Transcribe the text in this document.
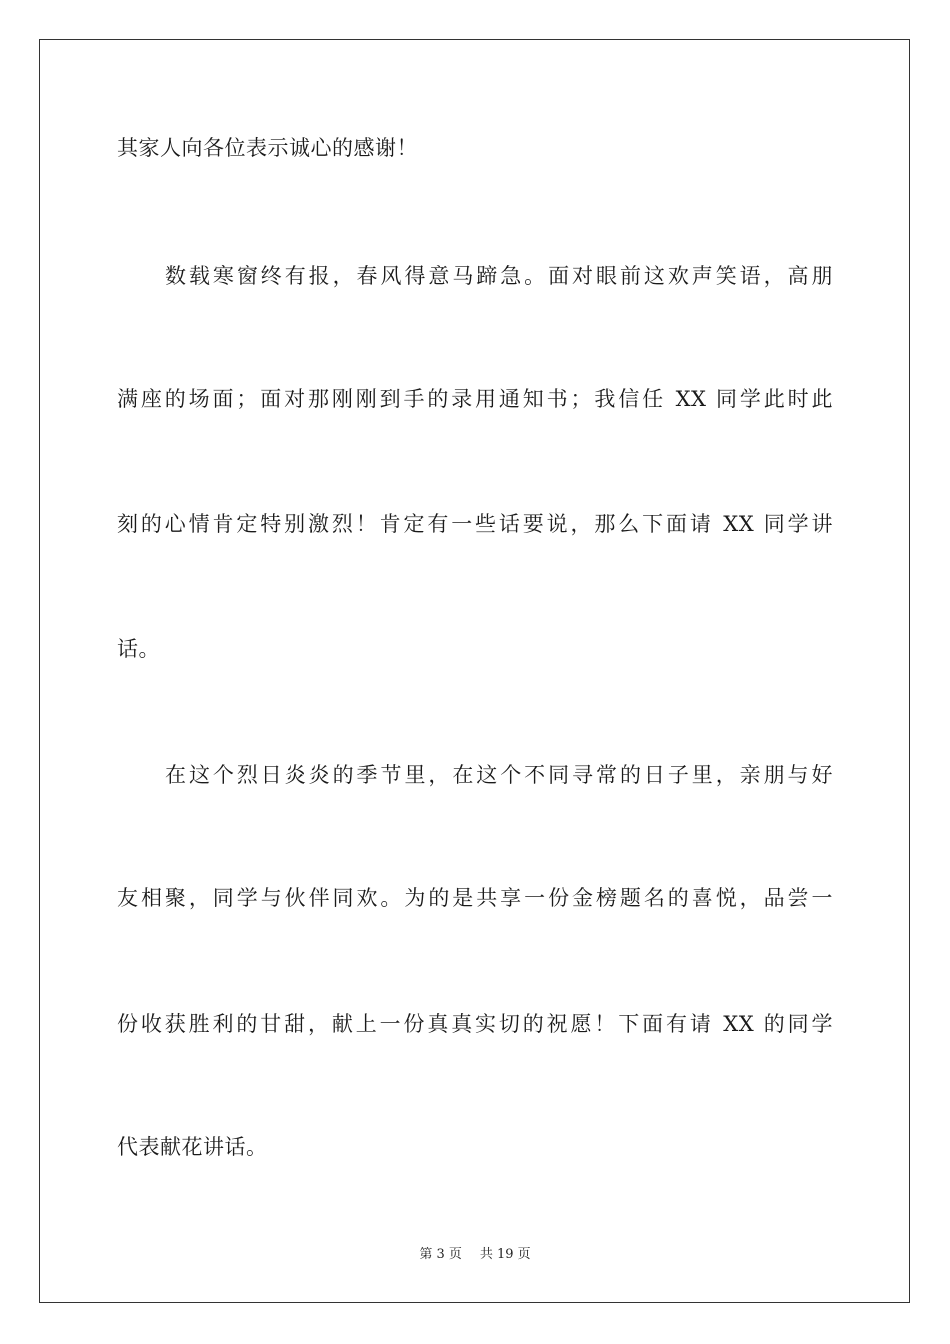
其家人向各位表示诚心的感谢！
数载寒窗终有报，春风得意马蹄急。面对眼前这欢声笑语，高朋
满座的场面；面对那刚刚到手的录用通知书；我信任 XX 同学此时此
刻的心情肯定特别激烈！肯定有一些话要说，那么下面请 XX 同学讲
话。
在这个烈日炎炎的季节里，在这个不同寻常的日子里，亲朋与好
友相聚，同学与伙伴同欢。为的是共享一份金榜题名的喜悦，品尝一
份收获胜利的甘甜，献上一份真真实切的祝愿！下面有请 XX 的同学
代表献花讲话。
第 3 页 共 19 页
